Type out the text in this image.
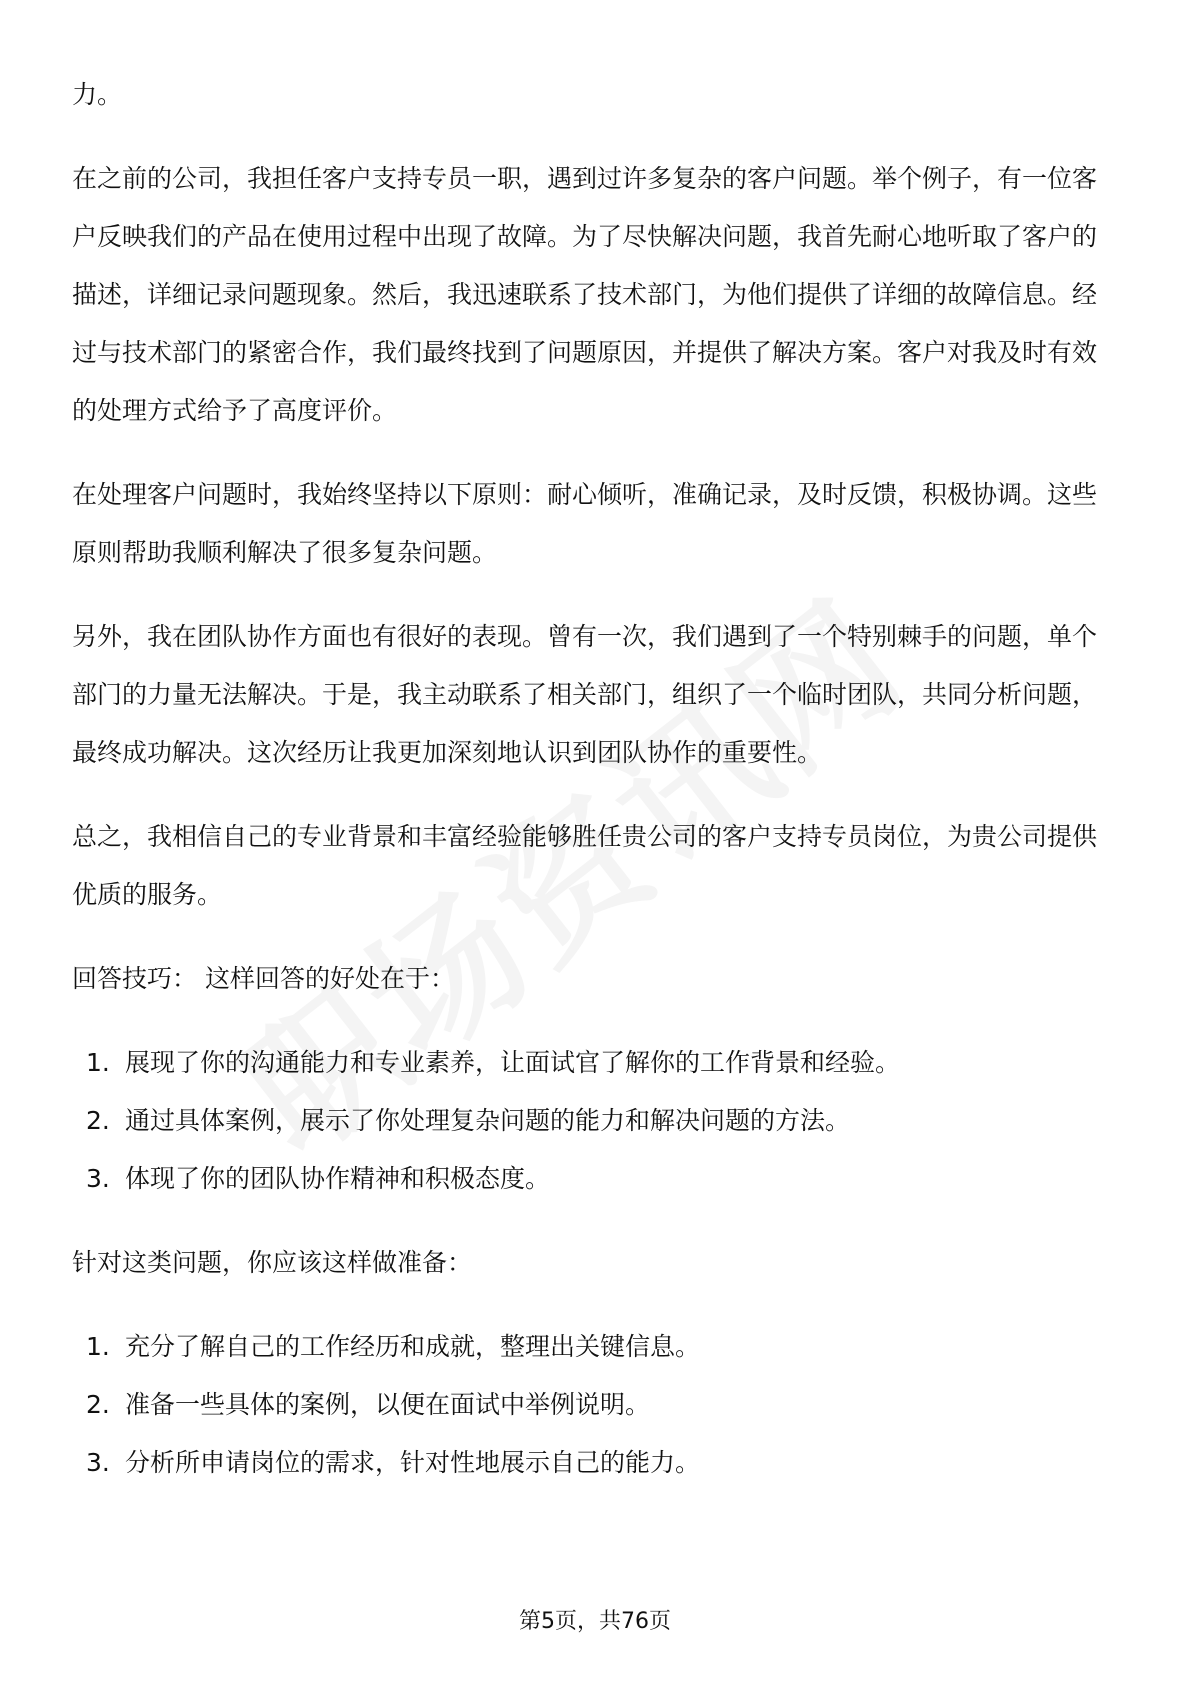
力。

在之前的公司，我担任客户支持专员一职，遇到过许多复杂的客户问题。举个例子，有一位客户反映我们的产品在使用过程中出现了故障。为了尽快解决问题，我首先耐心地听取了客户的描述，详细记录问题现象。然后，我迅速联系了技术部门，为他们提供了详细的故障信息。经过与技术部门的紧密合作，我们最终找到了问题原因，并提供了解决方案。客户对我及时有效的处理方式给予了高度评价。

在处理客户问题时，我始终坚持以下原则：耐心倾听，准确记录，及时反馈，积极协调。这些原则帮助我顺利解决了很多复杂问题。

另外，我在团队协作方面也有很好的表现。曾有一次，我们遇到了一个特别棘手的问题，单个部门的力量无法解决。于是，我主动联系了相关部门，组织了一个临时团队，共同分析问题，最终成功解决。这次经历让我更加深刻地认识到团队协作的重要性。

总之，我相信自己的专业背景和丰富经验能够胜任贵公司的客户支持专员岗位，为贵公司提供优质的服务。

回答技巧： 这样回答的好处在于：

1. 展现了你的沟通能力和专业素养，让面试官了解你的工作背景和经验。
2. 通过具体案例，展示了你处理复杂问题的能力和解决问题的方法。
3. 体现了你的团队协作精神和积极态度。

针对这类问题，你应该这样做准备：

1. 充分了解自己的工作经历和成就，整理出关键信息。
2. 准备一些具体的案例，以便在面试中举例说明。
3. 分析所申请岗位的需求，针对性地展示自己的能力。
第5页，共76页
